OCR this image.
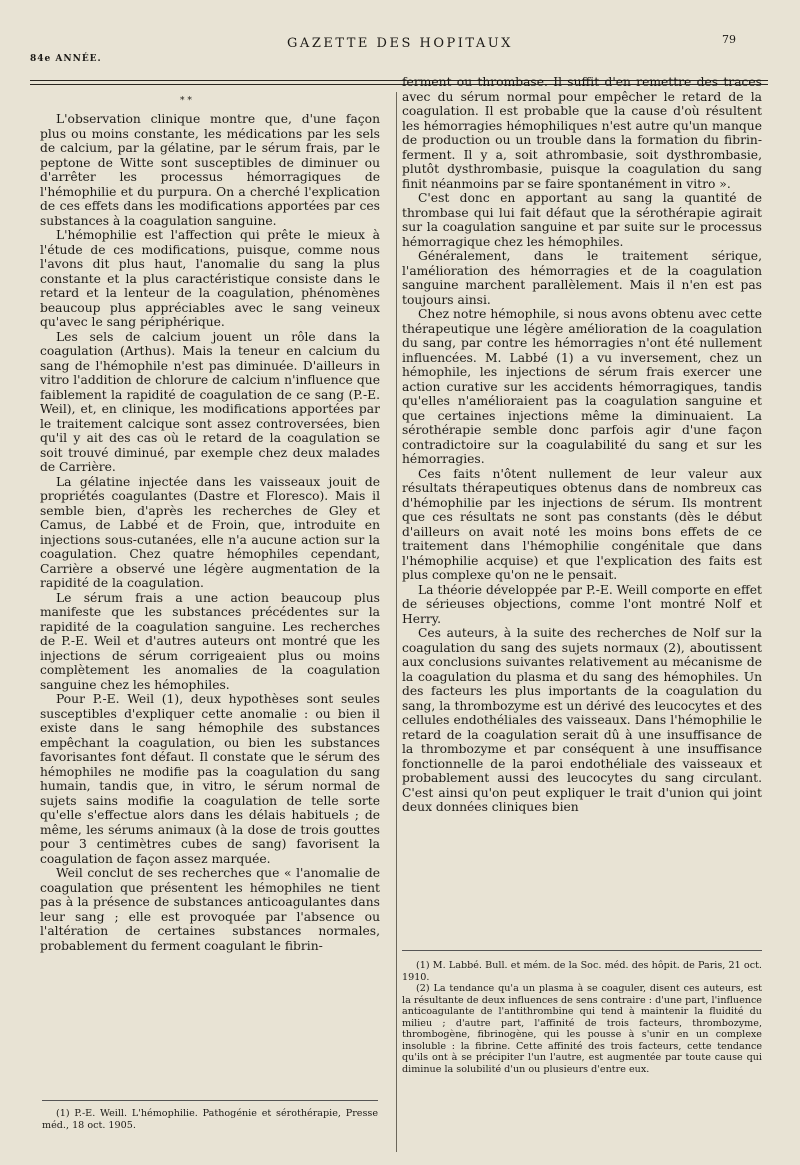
GAZETTE DES HOPITAUX
84e ANNÉE.
79
* *

L'observation clinique montre que, d'une façon plus ou moins constante, les médications par les sels de calcium, par la gélatine, par le sérum frais, par le peptone de Witte sont susceptibles de diminuer ou d'arrêter les processus hémorragiques de l'hémophilie et du purpura. On a cherché l'explication de ces effets dans les modifications apportées par ces substances à la coagulation sanguine.

L'hémophilie est l'affection qui prête le mieux à l'étude de ces modifications, puisque, comme nous l'avons dit plus haut, l'anomalie du sang la plus constante et la plus caractéristique consiste dans le retard et la lenteur de la coagulation, phénomènes beaucoup plus appréciables avec le sang veineux qu'avec le sang périphérique.

Les sels de calcium jouent un rôle dans la coagulation (Arthus). Mais la teneur en calcium du sang de l'hémophile n'est pas diminuée. D'ailleurs in vitro l'addition de chlorure de calcium n'influence que faiblement la rapidité de coagulation de ce sang (P.-E. Weil), et, en clinique, les modifications apportées par le traitement calcique sont assez controversées, bien qu'il y ait des cas où le retard de la coagulation se soit trouvé diminué, par exemple chez deux malades de Carrière.

La gélatine injectée dans les vaisseaux jouit de propriétés coagulantes (Dastre et Floresco). Mais il semble bien, d'après les recherches de Gley et Camus, de Labbé et de Froin, que, introduite en injections sous-cutanées, elle n'a aucune action sur la coagulation. Chez quatre hémophiles cependant, Carrière a observé une légère augmentation de la rapidité de la coagulation.

Le sérum frais a une action beaucoup plus manifeste que les substances précédentes sur la rapidité de la coagulation sanguine. Les recherches de P.-E. Weil et d'autres auteurs ont montré que les injections de sérum corrigeaient plus ou moins complètement les anomalies de la coagulation sanguine chez les hémophiles.

Pour P.-E. Weil (1), deux hypothèses sont seules susceptibles d'expliquer cette anomalie : ou bien il existe dans le sang hémophile des substances empêchant la coagulation, ou bien les substances favorisantes font défaut. Il constate que le sérum des hémophiles ne modifie pas la coagulation du sang humain, tandis que, in vitro, le sérum normal de sujets sains modifie la coagulation de telle sorte qu'elle s'effectue alors dans les délais habituels ; de même, les sérums animaux (à la dose de trois gouttes pour 3 centimètres cubes de sang) favorisent la coagulation de façon assez marquée.

Weil conclut de ses recherches que « l'anomalie de coagulation que présentent les hémophiles ne tient pas à la présence de substances anticoagulantes dans leur sang ; elle est provoquée par l'absence ou l'altération de certaines substances normales, probablement du ferment coagulant le fibrin-

ferment ou thrombase. Il suffit d'en remettre des traces avec du sérum normal pour empêcher le retard de la coagulation. Il est probable que la cause d'où résultent les hémorragies hémophiliques n'est autre qu'un manque de production ou un trouble dans la formation du fibrin-ferment. Il y a, soit athrombasie, soit dysthrombasie, plutôt dysthrombasie, puisque la coagulation du sang finit néanmoins par se faire spontanément in vitro ».

C'est donc en apportant au sang la quantité de thrombase qui lui fait défaut que la sérothérapie agirait sur la coagulation sanguine et par suite sur le processus hémorragique chez les hémophiles.

Généralement, dans le traitement sérique, l'amélioration des hémorragies et de la coagulation sanguine marchent parallèlement. Mais il n'en est pas toujours ainsi.

Chez notre hémophile, si nous avons obtenu avec cette thérapeutique une légère amélioration de la coagulation du sang, par contre les hémorragies n'ont été nullement influencées. M. Labbé (1) a vu inversement, chez un hémophile, les injections de sérum frais exercer une action curative sur les accidents hémorragiques, tandis qu'elles n'amélioraient pas la coagulation sanguine et que certaines injections même la diminuaient. La sérothérapie semble donc parfois agir d'une façon contradictoire sur la coagulabilité du sang et sur les hémorragies.

Ces faits n'ôtent nullement de leur valeur aux résultats thérapeutiques obtenus dans de nombreux cas d'hémophilie par les injections de sérum. Ils montrent que ces résultats ne sont pas constants (dès le début d'ailleurs on avait noté les moins bons effets de ce traitement dans l'hémophilie congénitale que dans l'hémophilie acquise) et que l'explication des faits est plus complexe qu'on ne le pensait.

La théorie développée par P.-E. Weill comporte en effet de sérieuses objections, comme l'ont montré Nolf et Herry.

Ces auteurs, à la suite des recherches de Nolf sur la coagulation du sang des sujets normaux (2), aboutissent aux conclusions suivantes relativement au mécanisme de la coagulation du plasma et du sang des hémophiles. Un des facteurs les plus importants de la coagulation du sang, la thrombozyme est un dérivé des leucocytes et des cellules endothéliales des vaisseaux. Dans l'hémophilie le retard de la coagulation serait dû à une insuffisance de la thrombozyme et par conséquent à une insuffisance fonctionnelle de la paroi endothéliale des vaisseaux et probablement aussi des leucocytes du sang circulant. C'est ainsi qu'on peut expliquer le trait d'union qui joint deux données cliniques bien

(1) M. Labbé. Bull. et mém. de la Soc. méd. des hôpit. de Paris, 21 oct. 1910.

(2) La tendance qu'a un plasma à se coaguler, disent ces auteurs, est la résultante de deux influences de sens contraire : d'une part, l'influence anticoagulante de l'antithrombine qui tend à maintenir la fluidité du milieu ; d'autre part, l'affinité de trois facteurs, thrombozyme, thrombogène, fibrinogène, qui les pousse à s'unir en un complexe insoluble : la fibrine. Cette affinité des trois facteurs, cette tendance qu'ils ont à se précipiter l'un l'autre, est augmentée par toute cause qui diminue la solubilité d'un ou plusieurs d'entre eux.

(1) P.-E. Weill. L'hémophilie. Pathogénie et sérothérapie, Presse méd., 18 oct. 1905.
